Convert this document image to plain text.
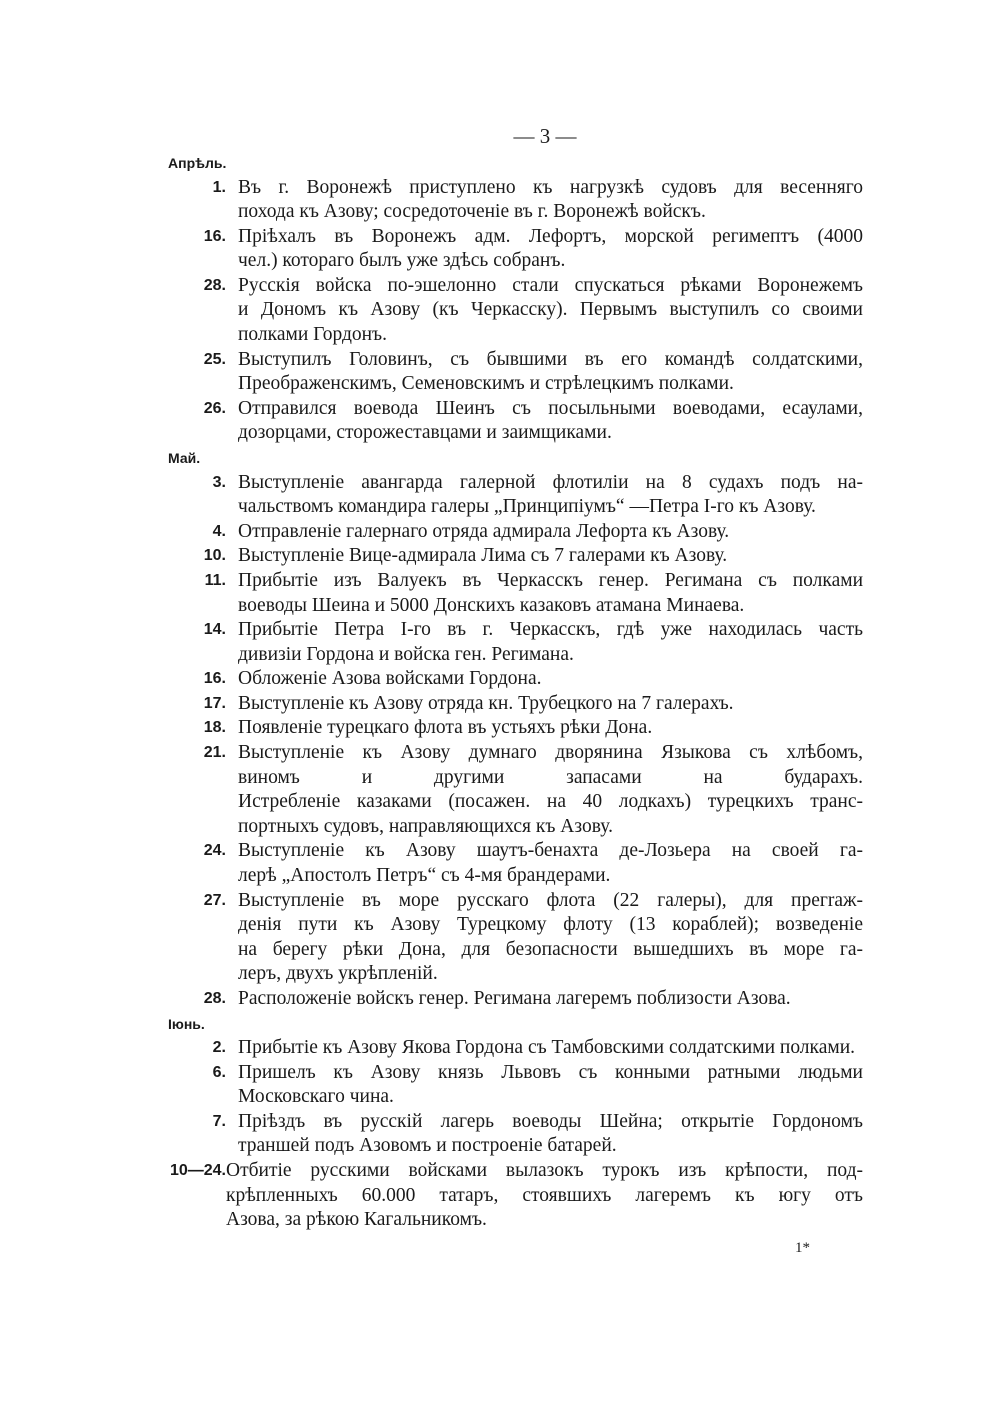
— 3 —
Апрѣль.
1. Въ г. Воронежѣ приступлено къ нагрузкѣ судовъ для весенняго
похода къ Азову; сосредоточеніе въ г. Воронежѣ войскъ.
16. Пріѣхалъ въ Воронежъ адм. Лефортъ, морской регимептъ (4000
чел.) котораго былъ уже здѣсь собранъ.
28. Русскія войска по-эшелонно стали спускаться рѣками Воронежемъ
и Дономъ къ Азову (къ Черкасску). Первымъ выступилъ со своими
полками Гордонъ.
25. Выступилъ Головинъ, съ бывшими въ его командѣ солдатскими,
Преображенскимъ, Семеновскимъ и стрѣлецкимъ полками.
26. Отправился воевода Шеинъ съ посыльными воеводами, есаулами,
дозорцами, сторожеставцами и заимщиками.
Май.
3. Выступленіе авангарда галерной флотиліи на 8 судахъ подъ на-
чальствомъ командира галеры „Принципіумъ“ —Петра I-го къ Азову.
4. Отправленіе галернаго отряда адмирала Лефорта къ Азову.
10. Выступленіе Вице-адмирала Лима съ 7 галерами къ Азову.
11. Прибытіе изъ Валуекъ въ Черкасскъ генер. Регимана съ полками
воеводы Шеина и 5000 Донскихъ казаковъ атамана Минаева.
14. Прибытіе Петра I-го въ г. Черкасскъ, гдѣ уже находилась часть
дивизіи Гордона и войска ген. Регимана.
16. Обложеніе Азова войсками Гордона.
17. Выступленіе къ Азову отряда кн. Трубецкого на 7 галерахъ.
18. Появленіе турецкаго флота въ устьяхъ рѣки Дона.
21. Выступленіе къ Азову думнаго дворянина Языкова съ хлѣбомъ,
виномъ и другими запасами на бударахъ.
Истребленіе казаками (посажен. на 40 лодкахъ) турецкихъ транс-
портныхъ судовъ, направляющихся къ Азову.
24. Выступленіе къ Азову шаутъ-бенахта де-Лозьера на своей га-
лерѣ „Апостолъ Петръ“ съ 4-мя брандерами.
27. Выступленіе въ море русскаго флота (22 галеры), для прегraж-
денія пути къ Азову Турецкому флоту (13 кораблей); возведеніе
на берегу рѣки Дона, для безопасности вышедшихъ въ море га-
леръ, двухъ укрѣпленій.
28. Расположеніе войскъ генер. Регимана лагеремъ поблизости Азова.
Іюнь.
2. Прибытіе къ Азову Якова Гордона съ Тамбовскими солдатскими полками.
6. Пришелъ къ Азову князь Львовъ съ конными ратными людьми
Московскаго чина.
7. Пріѣздъ въ русскій лагерь воеводы Шейна; открытіе Гордономъ
траншей подъ Азовомъ и построеніе батарей.
10—24. Отбитіе русскими войсками вылазокъ турокъ изъ крѣпости, под-
крѣпленныхъ 60.000 татаръ, стоявшихъ лагеремъ къ югу отъ
Азова, за рѣкою Кагальникомъ.
1*
